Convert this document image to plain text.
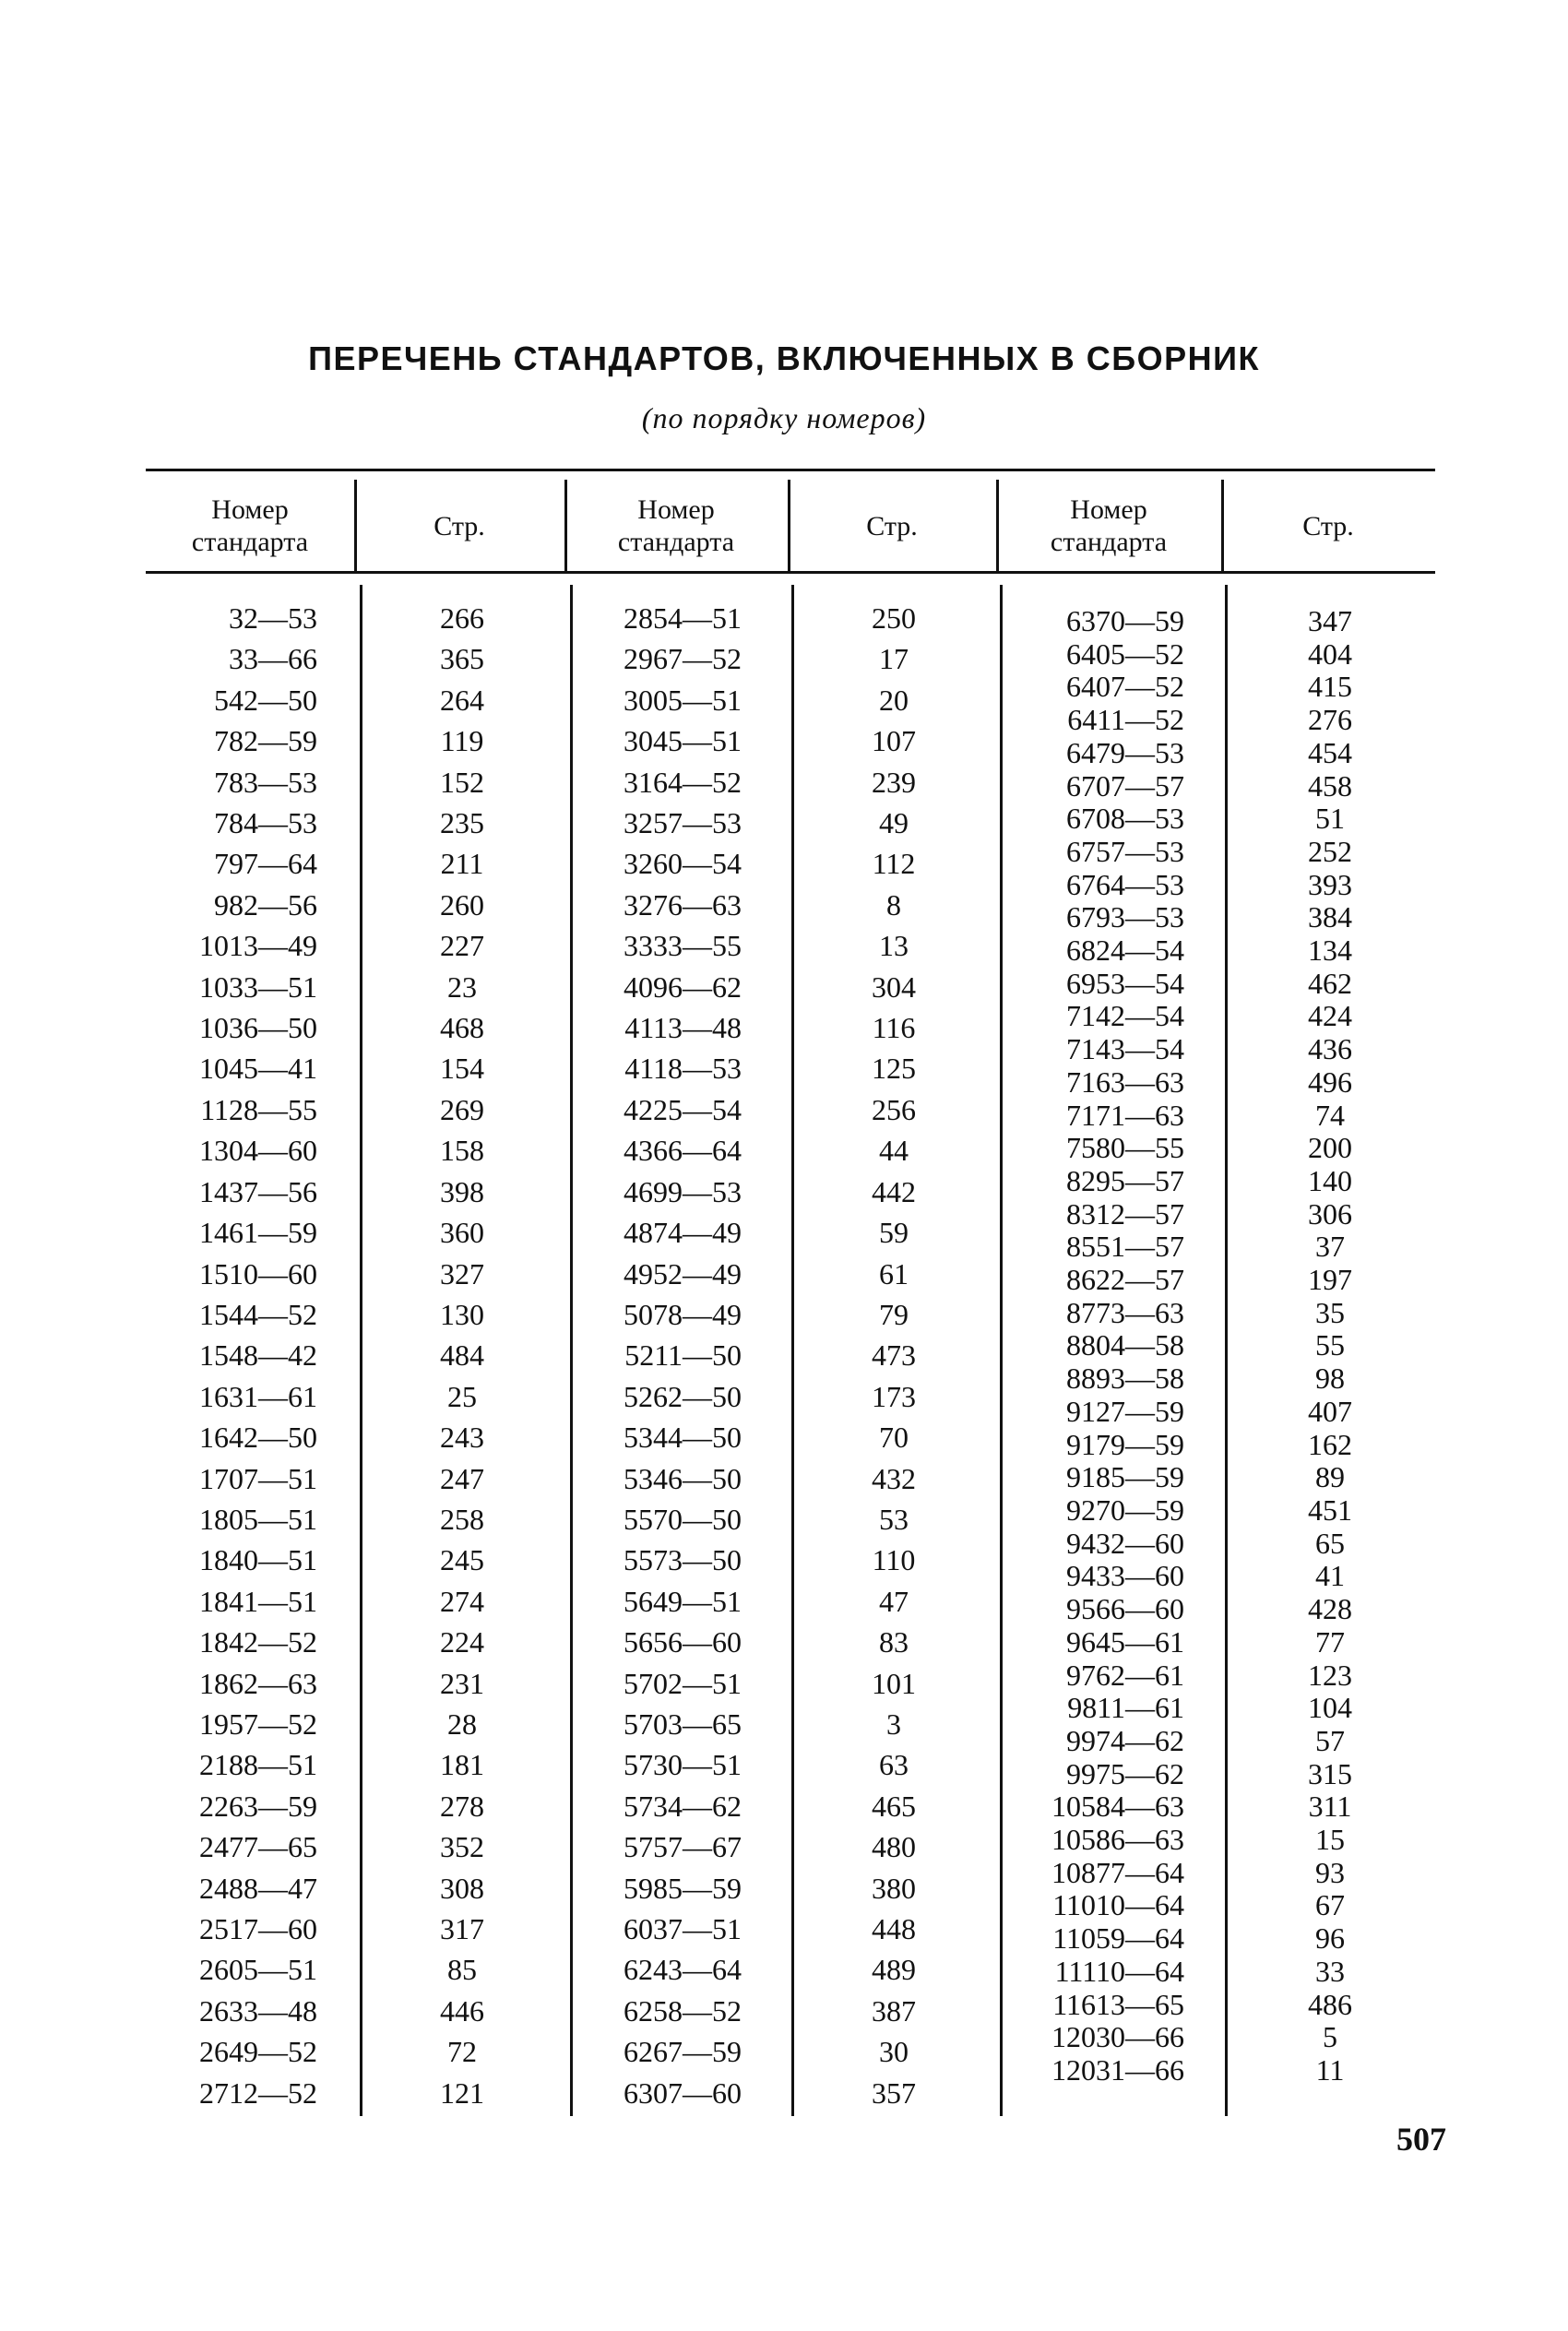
ПЕРЕЧЕНЬ СТАНДАРТОВ, ВКЛЮЧЕННЫХ В СБОРНИК
(по порядку номеров)
Номер
стандарта
Стр.
Номер
стандарта
Стр.
Номер
стандарта
Стр.
32—53
33—66
542—50
782—59
783—53
784—53
797—64
982—56
1013—49
1033—51
1036—50
1045—41
1128—55
1304—60
1437—56
1461—59
1510—60
1544—52
1548—42
1631—61
1642—50
1707—51
1805—51
1840—51
1841—51
1842—52
1862—63
1957—52
2188—51
2263—59
2477—65
2488—47
2517—60
2605—51
2633—48
2649—52
2712—52
266
365
264
119
152
235
211
260
227
23
468
154
269
158
398
360
327
130
484
25
243
247
258
245
274
224
231
28
181
278
352
308
317
85
446
72
121
2854—51
2967—52
3005—51
3045—51
3164—52
3257—53
3260—54
3276—63
3333—55
4096—62
4113—48
4118—53
4225—54
4366—64
4699—53
4874—49
4952—49
5078—49
5211—50
5262—50
5344—50
5346—50
5570—50
5573—50
5649—51
5656—60
5702—51
5703—65
5730—51
5734—62
5757—67
5985—59
6037—51
6243—64
6258—52
6267—59
6307—60
250
17
20
107
239
49
112
8
13
304
116
125
256
44
442
59
61
79
473
173
70
432
53
110
47
83
101
3
63
465
480
380
448
489
387
30
357
6370—59
6405—52
6407—52
6411—52
6479—53
6707—57
6708—53
6757—53
6764—53
6793—53
6824—54
6953—54
7142—54
7143—54
7163—63
7171—63
7580—55
8295—57
8312—57
8551—57
8622—57
8773—63
8804—58
8893—58
9127—59
9179—59
9185—59
9270—59
9432—60
9433—60
9566—60
9645—61
9762—61
9811—61
9974—62
9975—62
10584—63
10586—63
10877—64
11010—64
11059—64
11110—64
11613—65
12030—66
12031—66
347
404
415
276
454
458
51
252
393
384
134
462
424
436
496
74
200
140
306
37
197
35
55
98
407
162
89
451
65
41
428
77
123
104
57
315
311
15
93
67
96
33
486
5
11
507
